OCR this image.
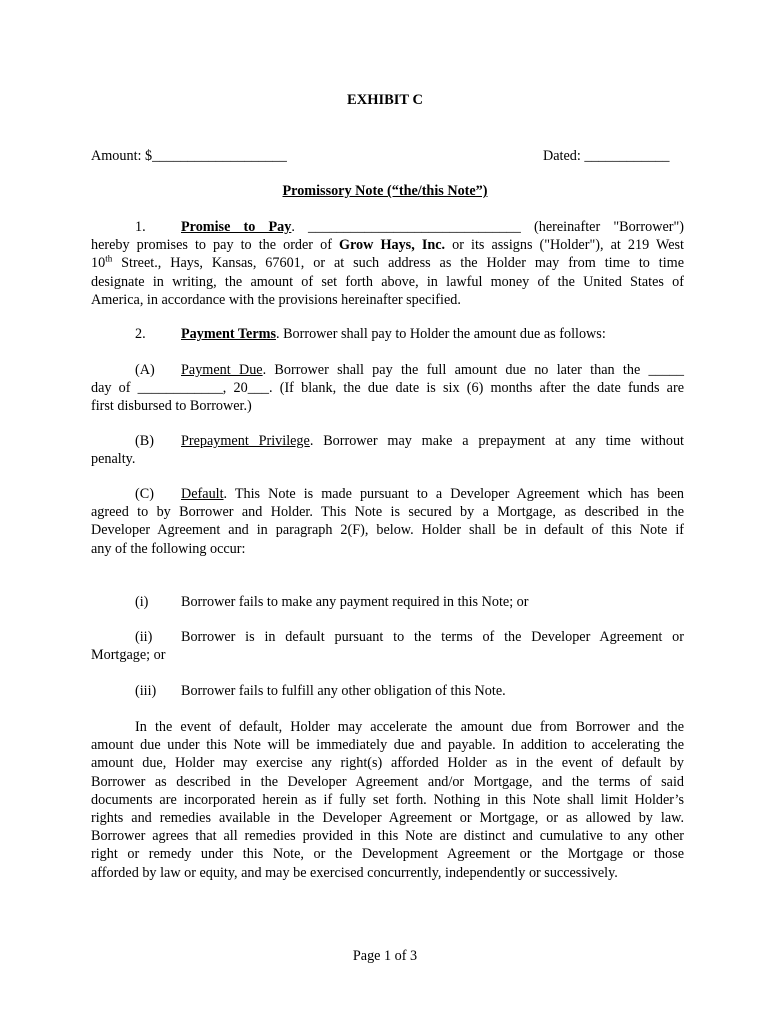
EXHIBIT C
Amount: $___________________	Dated: ____________
Promissory Note (“the/this Note”)
1. Promise to Pay. ______________________________ (hereinafter "Borrower")
hereby promises to pay to the order of Grow Hays, Inc. or its assigns ("Holder"), at 219 West
10th Street., Hays, Kansas, 67601, or at such address as the Holder may from time to time
designate in writing, the amount of set forth above, in lawful money of the United States of
America, in accordance with the provisions hereinafter specified.
2. Payment Terms. Borrower shall pay to Holder the amount due as follows:
(A) Payment Due. Borrower shall pay the full amount due no later than the _____
day of ____________, 20___. (If blank, the due date is six (6) months after the date funds are
first disbursed to Borrower.)
(B) Prepayment Privilege. Borrower may make a prepayment at any time without
penalty.
(C) Default. This Note is made pursuant to a Developer Agreement which has been
agreed to by Borrower and Holder. This Note is secured by a Mortgage, as described in the
Developer Agreement and in paragraph 2(F), below. Holder shall be in default of this Note if
any of the following occur:
(i) Borrower fails to make any payment required in this Note; or
(ii) Borrower is in default pursuant to the terms of the Developer Agreement or
Mortgage; or
(iii) Borrower fails to fulfill any other obligation of this Note.
In the event of default, Holder may accelerate the amount due from Borrower and the
amount due under this Note will be immediately due and payable. In addition to accelerating the
amount due, Holder may exercise any right(s) afforded Holder as in the event of default by
Borrower as described in the Developer Agreement and/or Mortgage, and the terms of said
documents are incorporated herein as if fully set forth. Nothing in this Note shall limit Holder’s
rights and remedies available in the Developer Agreement or Mortgage, or as allowed by law.
Borrower agrees that all remedies provided in this Note are distinct and cumulative to any other
right or remedy under this Note, or the Development Agreement or the Mortgage or those
afforded by law or equity, and may be exercised concurrently, independently or successively.
Page 1 of 3
